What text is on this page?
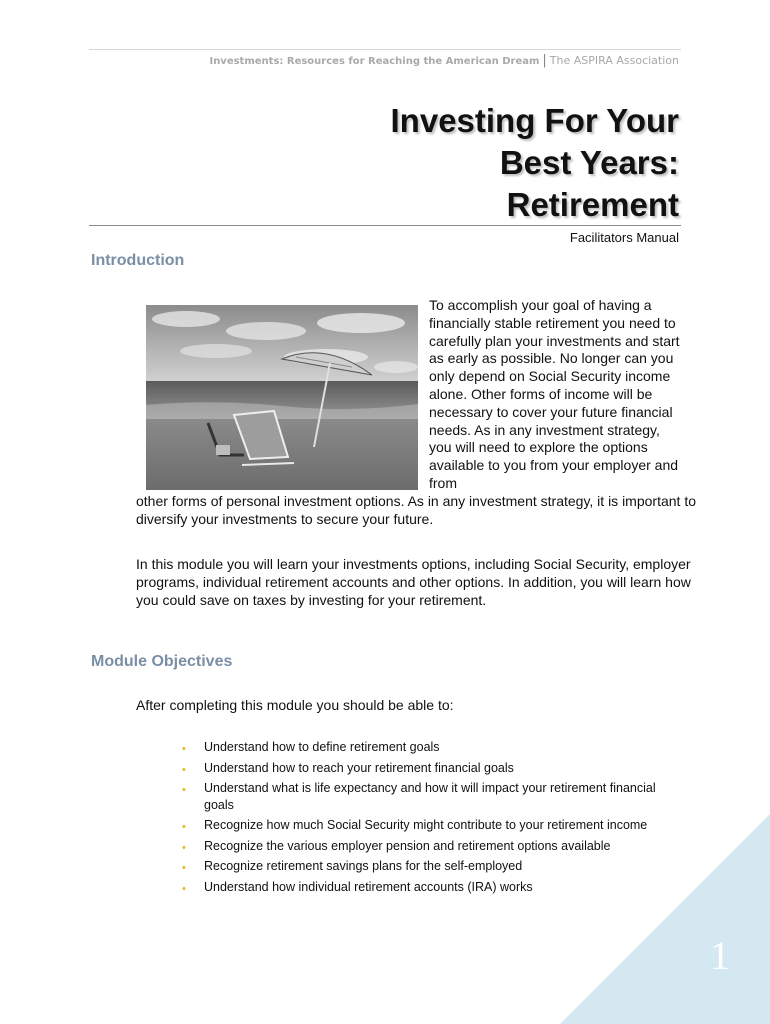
Investments: Resources for Reaching the American Dream | The ASPIRA Association
Investing For Your
Best Years:
Retirement
Facilitators Manual
Introduction
To accomplish your goal of having a financially stable retirement you need to carefully plan your investments and start as early as possible. No longer can you only depend on Social Security income alone. Other forms of income will be necessary to cover your future financial needs. As in any investment strategy, you will need to explore the options available to you from your employer and from
other forms of personal investment options. As in any investment strategy, it is important to diversify your investments to secure your future.
In this module you will learn your investments options, including Social Security, employer programs, individual retirement accounts and other options. In addition, you will learn how you could save on taxes by investing for your retirement.
Module Objectives
After completing this module you should be able to:
• Understand how to define retirement goals
• Understand how to reach your retirement financial goals
• Understand what is life expectancy and how it will impact your retirement financial goals
• Recognize how much Social Security might contribute to your retirement income
• Recognize the various employer pension and retirement options available
• Recognize retirement savings plans for the self-employed
• Understand how individual retirement accounts (IRA) works
1
